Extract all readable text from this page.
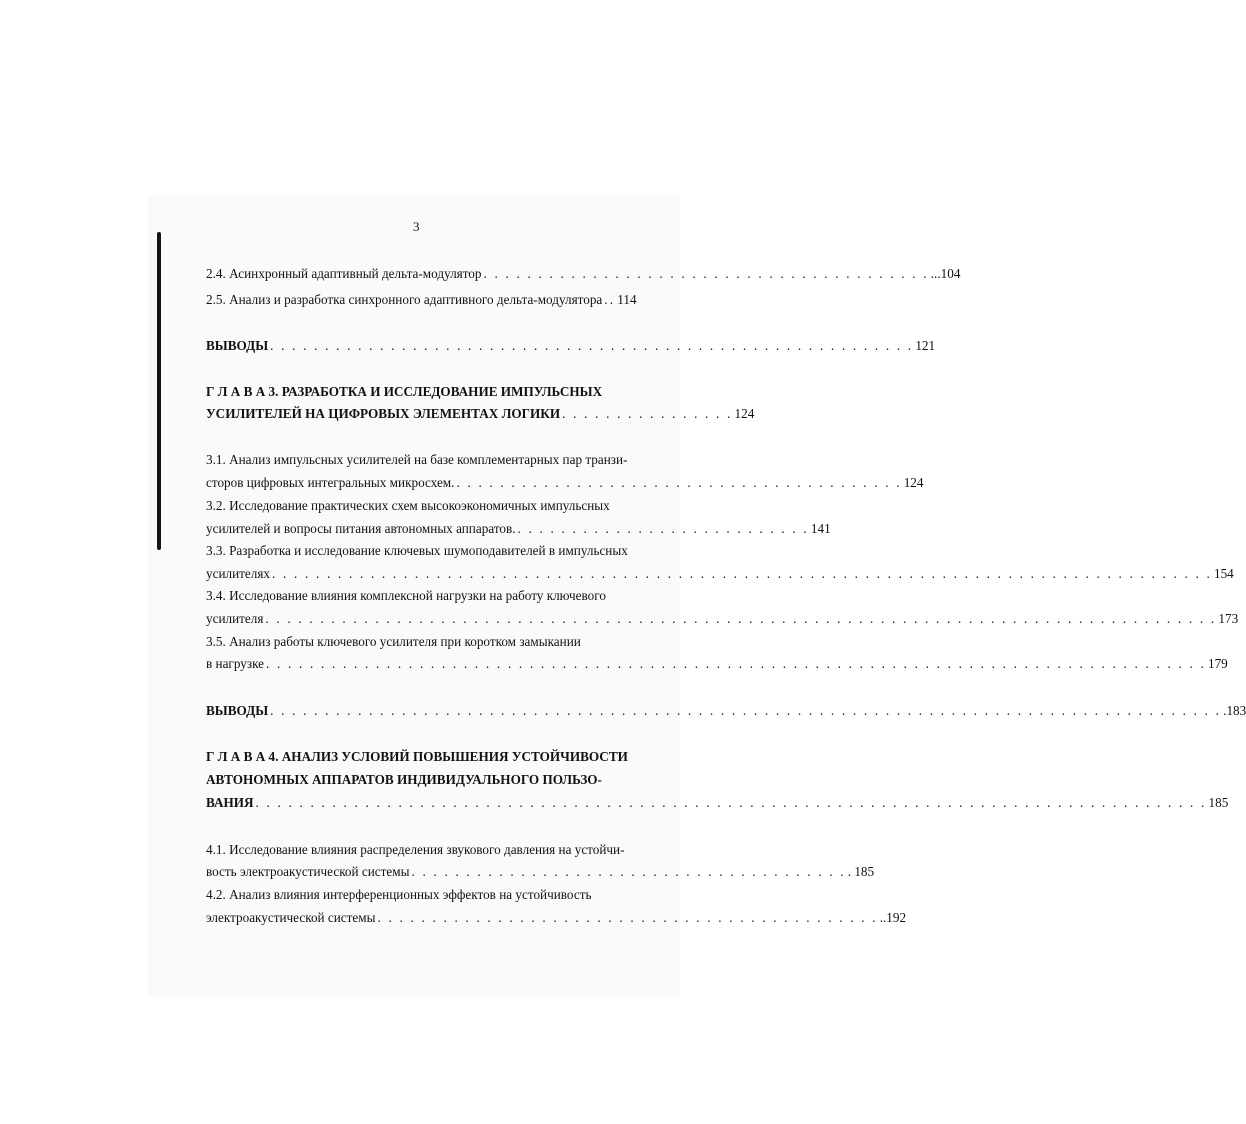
3
2.4. Асинхронный адаптивный дельта-модулятор . . . . . . . . . . . . . . . . . . . . . . . . . . . . . . . . . . . . . . . . . ...104
2.5. Анализ и разработка синхронного адаптивного дельта-модулятора .. 114
ВЫВОДЫ . . . . . . . . . . . . . . . . . . . . . . . . . . . . . . . . . . . . . . . . . . . . . . . . . . . . . . . . . . . 121
Г Л А В А 3. РАЗРАБОТКА И ИССЛЕДОВАНИЕ ИМПУЛЬСНЫХ
УСИЛИТЕЛЕЙ НА ЦИФРОВЫХ ЭЛЕМЕНТАХ ЛОГИКИ . . . . . . . . . . . . . . . . 124
3.1. Анализ импульсных усилителей на базе комплементарных пар транзи-
сторов цифровых интегральных микросхем. . . . . . . . . . . . . . . . . . . . . . . . . . . . . . . . . . . . . . . . . . 124
3.2. Исследование практических схем высокоэкономичных импульсных
усилителей и вопросы питания автономных аппаратов. . . . . . . . . . . . . . . . . . . . . . . . . . . . 141
3.3. Разработка и исследование ключевых шумоподавителей в импульсных
усилителях . . . . . . . . . . . . . . . . . . . . . . . . . . . . . . . . . . . . . . . . . . . . . . . . . . . . . . . . . . . . . . . . . . . . . . . . . . . . . . . . . . . . . . 154
3.4. Исследование влияния комплексной нагрузки на работу ключевого
усилителя . . . . . . . . . . . . . . . . . . . . . . . . . . . . . . . . . . . . . . . . . . . . . . . . . . . . . . . . . . . . . . . . . . . . . . . . . . . . . . . . . . . . . . . 173
3.5. Анализ работы ключевого усилителя при коротком замыкании
в нагрузке . . . . . . . . . . . . . . . . . . . . . . . . . . . . . . . . . . . . . . . . . . . . . . . . . . . . . . . . . . . . . . . . . . . . . . . . . . . . . . . . . . . . . . 179
ВЫВОДЫ . . . . . . . . . . . . . . . . . . . . . . . . . . . . . . . . . . . . . . . . . . . . . . . . . . . . . . . . . . . . . . . . . . . . . . . . . . . . . . . . . . . . . . . .183
Г Л А В А 4. АНАЛИЗ УСЛОВИЙ ПОВЫШЕНИЯ УСТОЙЧИВОСТИ
АВТОНОМНЫХ АППАРАТОВ ИНДИВИДУАЛЬНОГО ПОЛЬЗО-
ВАНИЯ . . . . . . . . . . . . . . . . . . . . . . . . . . . . . . . . . . . . . . . . . . . . . . . . . . . . . . . . . . . . . . . . . . . . . . . . . . . . . . . . . . . . . . . 185
4.1. Исследование влияния распределения звукового давления на устойчи-
вость электроакустической системы . . . . . . . . . . . . . . . . . . . . . . . . . . . . . . . . . . . . . . . . . 185
4.2. Анализ влияния интерференционных эффектов на устойчивость
электроакустической системы . . . . . . . . . . . . . . . . . . . . . . . . . . . . . . . . . . . . . . . . . . . . . . ..192
